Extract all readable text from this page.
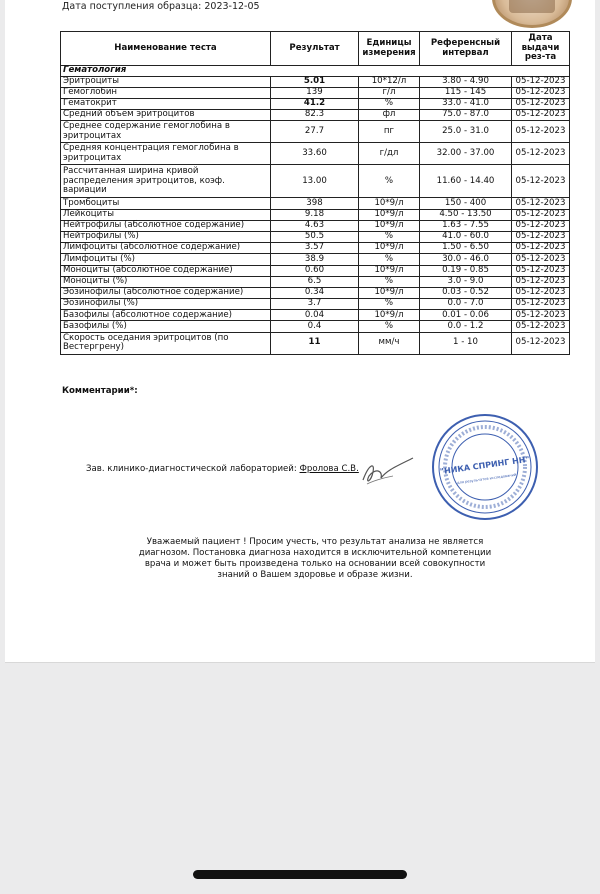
Дата поступления образца: 2023-12-05
Наименование теста	Результат	Единицы измерения	Референсный интервал	Дата выдачи рез-та
Гематология				
Эритроциты	5.01	10*12/л	3.80 - 4.90	05-12-2023
Гемоглобин	139	г/л	115 - 145	05-12-2023
Гематокрит	41.2	%	33.0 - 41.0	05-12-2023
Средний объем эритроцитов	82.3	фл	75.0 - 87.0	05-12-2023
Среднее содержание гемоглобина в эритроцитах	27.7	пг	25.0 - 31.0	05-12-2023
Средняя концентрация гемоглобина в эритроцитах	33.60	г/дл	32.00 - 37.00	05-12-2023
Рассчитанная ширина кривой распределения эритроцитов, коэф. вариации	13.00	%	11.60 - 14.40	05-12-2023
Тромбоциты	398	10*9/л	150 - 400	05-12-2023
Лейкоциты	9.18	10*9/л	4.50 - 13.50	05-12-2023
Нейтрофилы (абсолютное содержание)	4.63	10*9/л	1.63 - 7.55	05-12-2023
Нейтрофилы (%)	50.5	%	41.0 - 60.0	05-12-2023
Лимфоциты (абсолютное содержание)	3.57	10*9/л	1.50 - 6.50	05-12-2023
Лимфоциты (%)	38.9	%	30.0 - 46.0	05-12-2023
Моноциты (абсолютное содержание)	0.60	10*9/л	0.19 - 0.85	05-12-2023
Моноциты (%)	6.5	%	3.0 - 9.0	05-12-2023
Эозинофилы (абсолютное содержание)	0.34	10*9/л	0.03 - 0.52	05-12-2023
Эозинофилы (%)	3.7	%	0.0 - 7.0	05-12-2023
Базофилы (абсолютное содержание)	0.04	10*9/л	0.01 - 0.06	05-12-2023
Базофилы (%)	0.4	%	0.0 - 1.2	05-12-2023
Скорость оседания эритроцитов (по Вестергрену)	11	мм/ч	1 - 10	05-12-2023
Комментарии*:
Зав. клинико-диагностической лабораторией: Фролова С.В.	"НИКА СПРИНГ НН"
для результатов исследований
Уважаемый пациент ! Просим учесть, что результат анализа не является диагнозом. Постановка диагноза находится в исключительной компетенции врача и может быть произведена только на основании всей совокупности знаний о Вашем здоровье и образе жизни.
